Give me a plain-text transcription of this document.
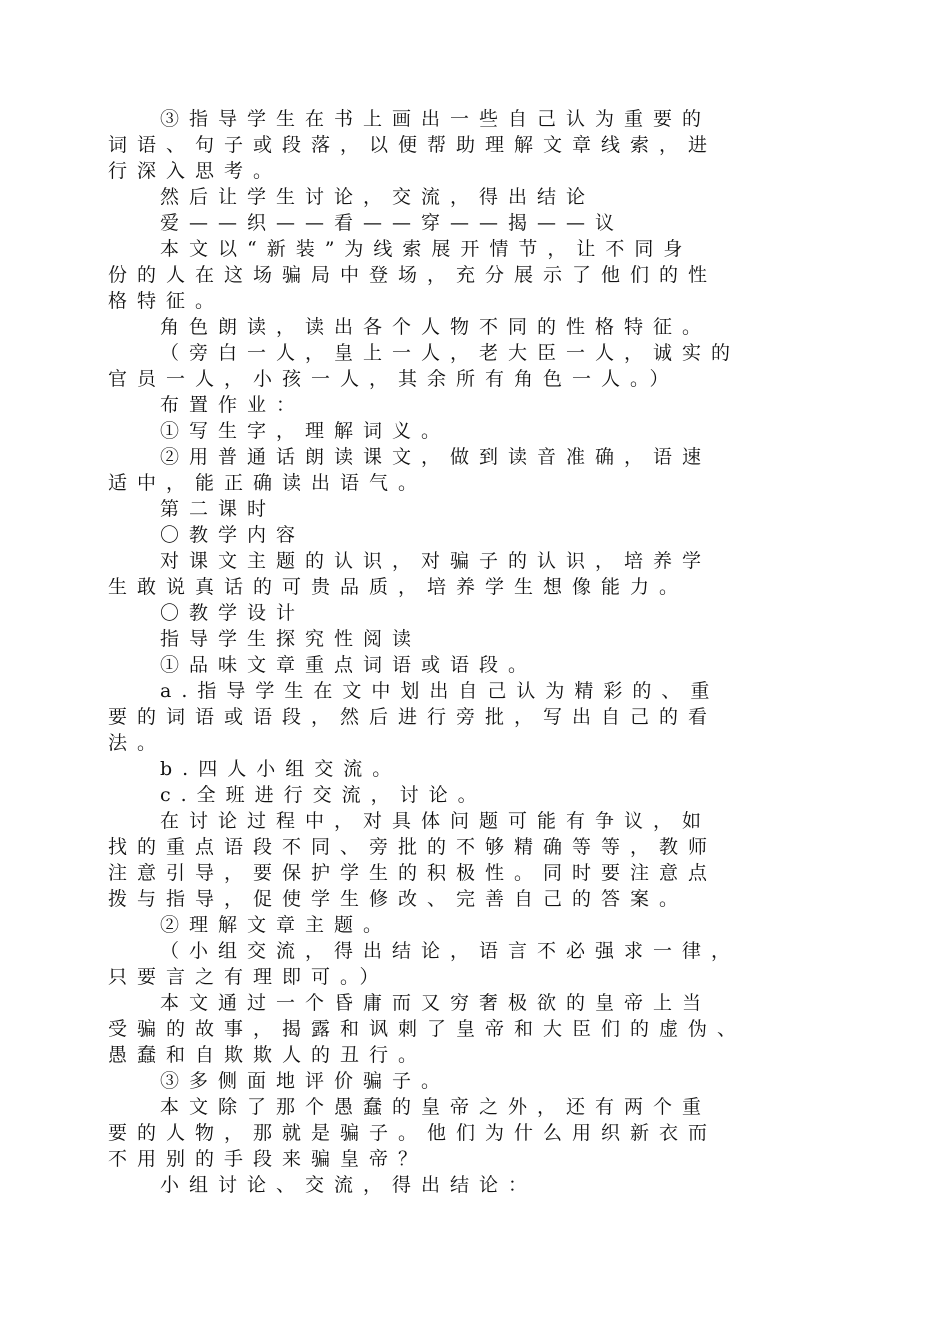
③指导学生在书上画出一些自己认为重要的
词语、句子或段落，以便帮助理解文章线索，进
行深入思考。
然后让学生讨论，交流，得出结论
爱——织——看——穿——揭——议
本文以“新装”为线索展开情节，让不同身
份的人在这场骗局中登场，充分展示了他们的性
格特征。
角色朗读，读出各个人物不同的性格特征。
（旁白一人，皇上一人，老大臣一人，诚实的
官员一人，小孩一人，其余所有角色一人。）
布置作业：
①写生字，理解词义。
②用普通话朗读课文，做到读音准确，语速
适中，能正确读出语气。
第二课时
〇教学内容
对课文主题的认识，对骗子的认识，培养学
生敢说真话的可贵品质，培养学生想像能力。
〇教学设计
指导学生探究性阅读
①品味文章重点词语或语段。
a.指导学生在文中划出自己认为精彩的、重
要的词语或语段，然后进行旁批，写出自己的看
法。
b.四人小组交流。
c.全班进行交流，讨论。
在讨论过程中，对具体问题可能有争议，如
找的重点语段不同、旁批的不够精确等等，教师
注意引导，要保护学生的积极性。同时要注意点
拨与指导，促使学生修改、完善自己的答案。
②理解文章主题。
（小组交流，得出结论，语言不必强求一律，
只要言之有理即可。）
本文通过一个昏庸而又穷奢极欲的皇帝上当
受骗的故事，揭露和讽刺了皇帝和大臣们的虚伪、
愚蠢和自欺欺人的丑行。
③多侧面地评价骗子。
本文除了那个愚蠢的皇帝之外，还有两个重
要的人物，那就是骗子。他们为什么用织新衣而
不用别的手段来骗皇帝？
小组讨论、交流，得出结论：
